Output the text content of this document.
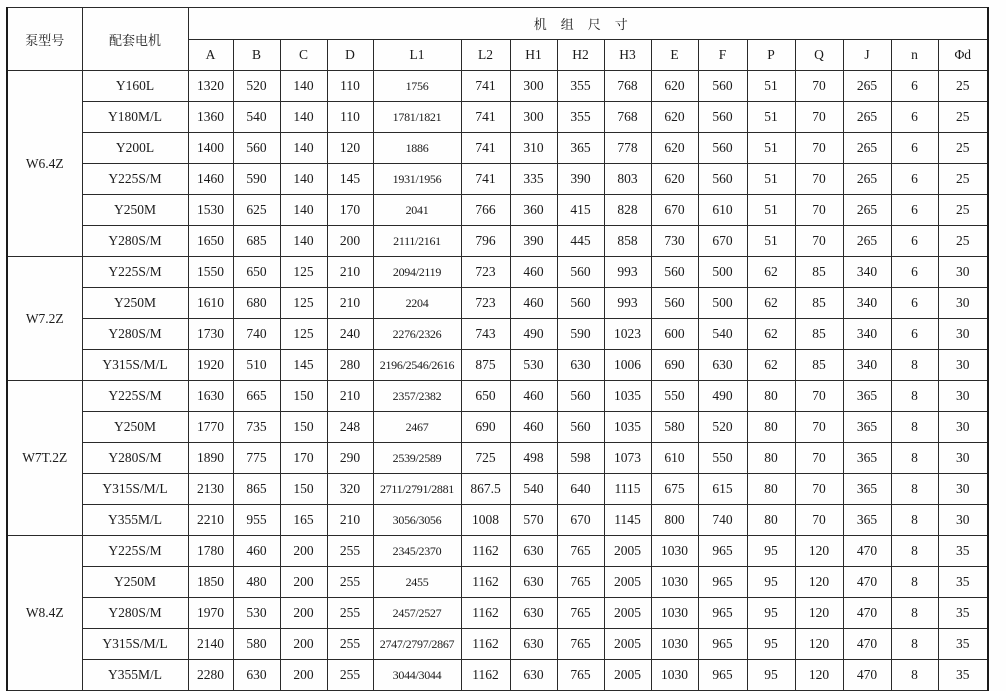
泵型号	配套电机	机组尺寸															
		A	B	C	D	L1	L2	H1	H2	H3	E	F	P	Q	J	n	Φd
W6.4Z	Y160L	1320	520	140	110	1756	741	300	355	768	620	560	51	70	265	6	25
	Y180M/L	1360	540	140	110	1781/1821	741	300	355	768	620	560	51	70	265	6	25
	Y200L	1400	560	140	120	1886	741	310	365	778	620	560	51	70	265	6	25
	Y225S/M	1460	590	140	145	1931/1956	741	335	390	803	620	560	51	70	265	6	25
	Y250M	1530	625	140	170	2041	766	360	415	828	670	610	51	70	265	6	25
	Y280S/M	1650	685	140	200	2111/2161	796	390	445	858	730	670	51	70	265	6	25
W7.2Z	Y225S/M	1550	650	125	210	2094/2119	723	460	560	993	560	500	62	85	340	6	30
	Y250M	1610	680	125	210	2204	723	460	560	993	560	500	62	85	340	6	30
	Y280S/M	1730	740	125	240	2276/2326	743	490	590	1023	600	540	62	85	340	6	30
	Y315S/M/L	1920	510	145	280	2196/2546/2616	875	530	630	1006	690	630	62	85	340	8	30
W7T.2Z	Y225S/M	1630	665	150	210	2357/2382	650	460	560	1035	550	490	80	70	365	8	30
	Y250M	1770	735	150	248	2467	690	460	560	1035	580	520	80	70	365	8	30
	Y280S/M	1890	775	170	290	2539/2589	725	498	598	1073	610	550	80	70	365	8	30
	Y315S/M/L	2130	865	150	320	2711/2791/2881	867.5	540	640	1115	675	615	80	70	365	8	30
	Y355M/L	2210	955	165	210	3056/3056	1008	570	670	1145	800	740	80	70	365	8	30
W8.4Z	Y225S/M	1780	460	200	255	2345/2370	1162	630	765	2005	1030	965	95	120	470	8	35
	Y250M	1850	480	200	255	2455	1162	630	765	2005	1030	965	95	120	470	8	35
	Y280S/M	1970	530	200	255	2457/2527	1162	630	765	2005	1030	965	95	120	470	8	35
	Y315S/M/L	2140	580	200	255	2747/2797/2867	1162	630	765	2005	1030	965	95	120	470	8	35
	Y355M/L	2280	630	200	255	3044/3044	1162	630	765	2005	1030	965	95	120	470	8	35
